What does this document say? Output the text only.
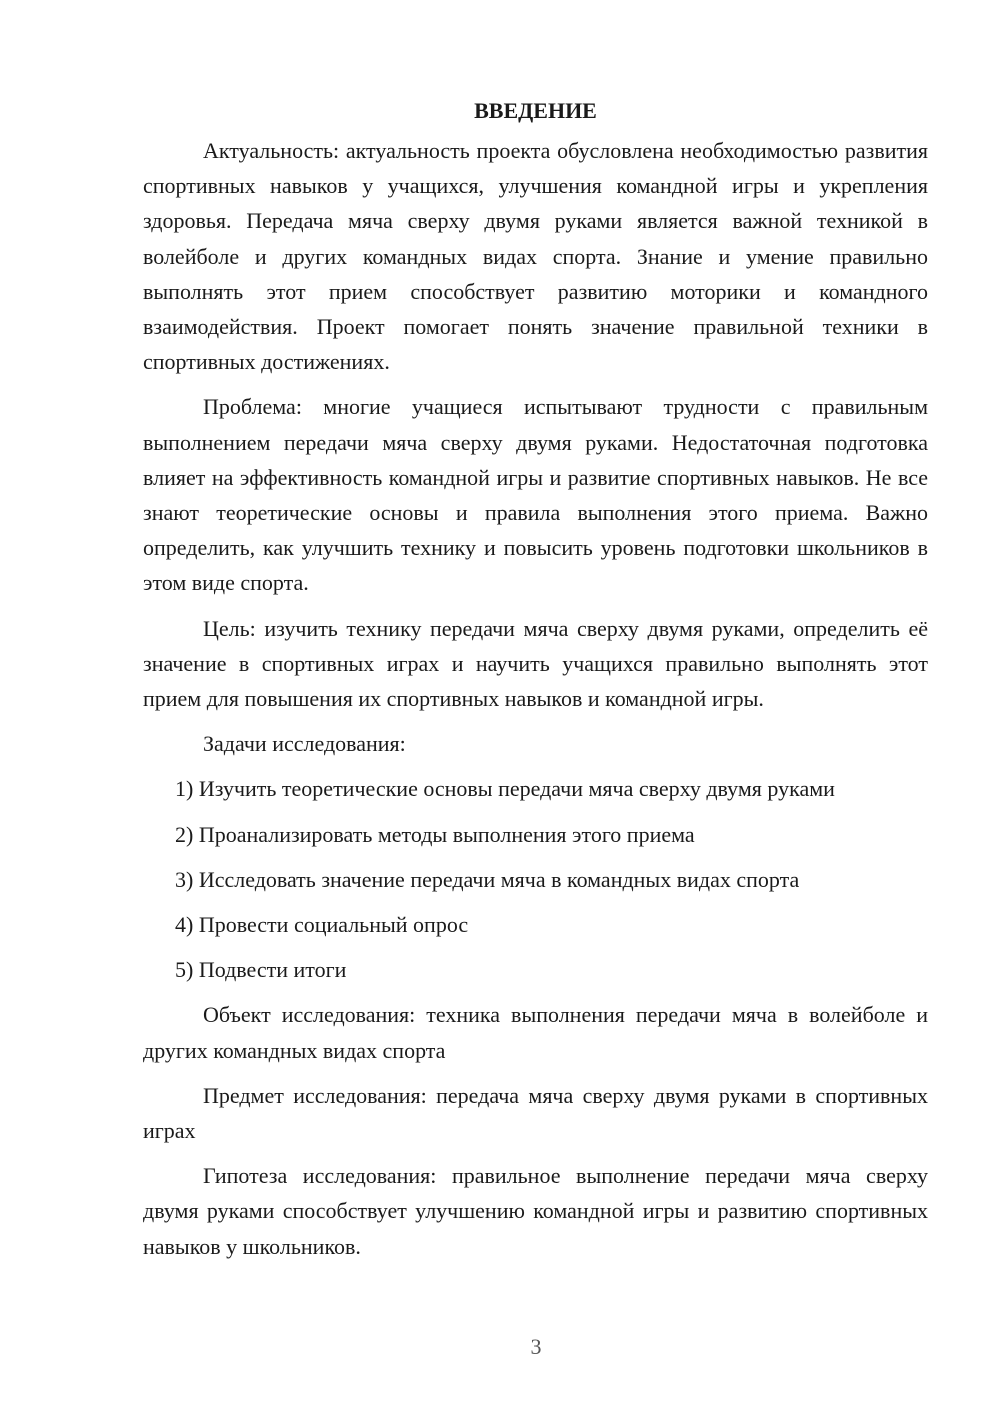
ВВЕДЕНИЕ

Актуальность: актуальность проекта обусловлена необходимостью развития спортивных навыков у учащихся, улучшения командной игры и укрепления здоровья. Передача мяча сверху двумя руками является важной техникой в волейболе и других командных видах спорта. Знание и умение правильно выполнять этот прием способствует развитию моторики и командного взаимодействия. Проект помогает понять значение правильной техники в спортивных достижениях.

Проблема: многие учащиеся испытывают трудности с правильным выполнением передачи мяча сверху двумя руками. Недостаточная подготовка влияет на эффективность командной игры и развитие спортивных навыков. Не все знают теоретические основы и правила выполнения этого приема. Важно определить, как улучшить технику и повысить уровень подготовки школьников в этом виде спорта.

Цель: изучить технику передачи мяча сверху двумя руками, определить её значение в спортивных играх и научить учащихся правильно выполнять этот прием для повышения их спортивных навыков и командной игры.

Задачи исследования:

1) Изучить теоретические основы передачи мяча сверху двумя руками
2) Проанализировать методы выполнения этого приема
3) Исследовать значение передачи мяча в командных видах спорта
4) Провести социальный опрос
5) Подвести итоги

Объект исследования: техника выполнения передачи мяча в волейболе и других командных видах спорта

Предмет исследования: передача мяча сверху двумя руками в спортивных играх

Гипотеза исследования: правильное выполнение передачи мяча сверху двумя руками способствует улучшению командной игры и развитию спортивных навыков у школьников.

3
